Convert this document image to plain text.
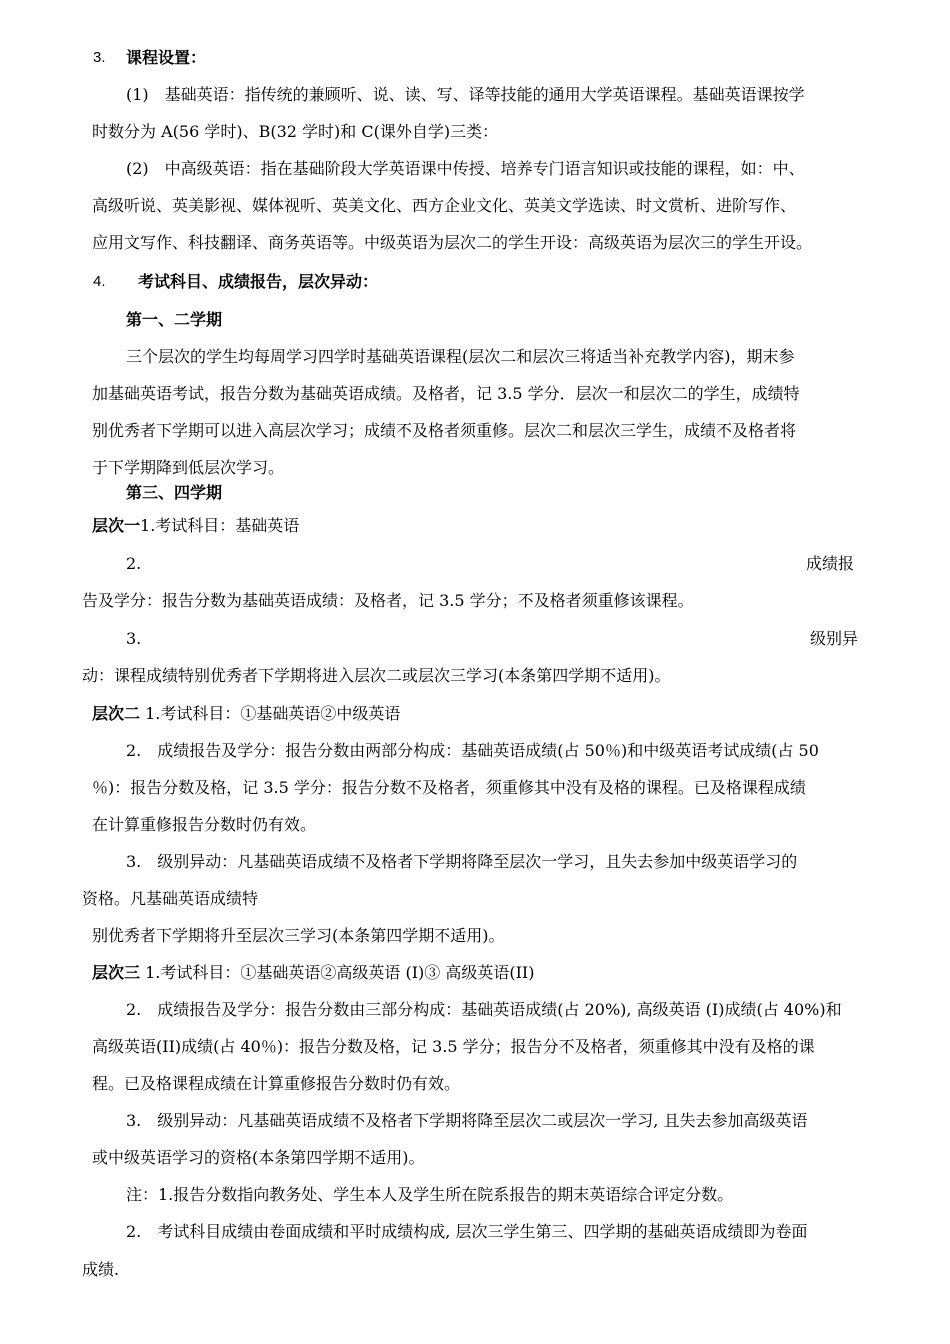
3. 课程设置：
(1)　基础英语：指传统的兼顾听、说、读、写、译等技能的通用大学英语课程。基础英语课按学
时数分为 A(56 学时)、B(32 学时)和 C(课外自学)三类：
(2)　中高级英语：指在基础阶段大学英语课中传授、培养专门语言知识或技能的课程，如：中、
高级听说、英美影视、媒体视听、英美文化、西方企业文化、英美文学选读、时文赏析、进阶写作、
应用文写作、科技翻译、商务英语等。中级英语为层次二的学生开设：高级英语为层次三的学生开设。
4. 考试科目、成绩报告，层次异动：
第一、二学期
三个层次的学生均每周学习四学时基础英语课程(层次二和层次三将适当补充教学内容)，期末参
加基础英语考试，报告分数为基础英语成绩。及格者，记 3.5 学分．层次一和层次二的学生，成绩特
别优秀者下学期可以进入高层次学习；成绩不及格者须重修。层次二和层次三学生，成绩不及格者将
于下学期降到低层次学习。
第三、四学期
层次一1.考试科目：基础英语
2.	成绩报
告及学分：报告分数为基础英语成绩：及格者，记 3.5 学分；不及格者须重修该课程。
3.	级别异
动：课程成绩特别优秀者下学期将进入层次二或层次三学习(本条第四学期不适用)。
层次二 1.考试科目：①基础英语②中级英语
2.　成绩报告及学分：报告分数由两部分构成：基础英语成绩(占 50％)和中级英语考试成绩(占 50
％)：报告分数及格，记 3.5 学分：报告分数不及格者，须重修其中没有及格的课程。已及格课程成绩
在计算重修报告分数时仍有效。
3.　级别异动：凡基础英语成绩不及格者下学期将降至层次一学习，且失去参加中级英语学习的
资格。凡基础英语成绩特
别优秀者下学期将升至层次三学习(本条第四学期不适用)。
层次三 1.考试科目：①基础英语②高级英语 (I)③ 高级英语(II)
2.　成绩报告及学分：报告分数由三部分构成：基础英语成绩(占 20%), 高级英语 (I)成绩(占 40%)和
高级英语(II)成绩(占 40％)：报告分数及格，记 3.5 学分；报告分不及格者，须重修其中没有及格的课
程。已及格课程成绩在计算重修报告分数时仍有效。
3.　级别异动：凡基础英语成绩不及格者下学期将降至层次二或层次一学习, 且失去参加高级英语
或中级英语学习的资格(本条第四学期不适用)。
注：1.报告分数指向教务处、学生本人及学生所在院系报告的期末英语综合评定分数。
2.　考试科目成绩由卷面成绩和平时成绩构成, 层次三学生第三、四学期的基础英语成绩即为卷面
成绩.
